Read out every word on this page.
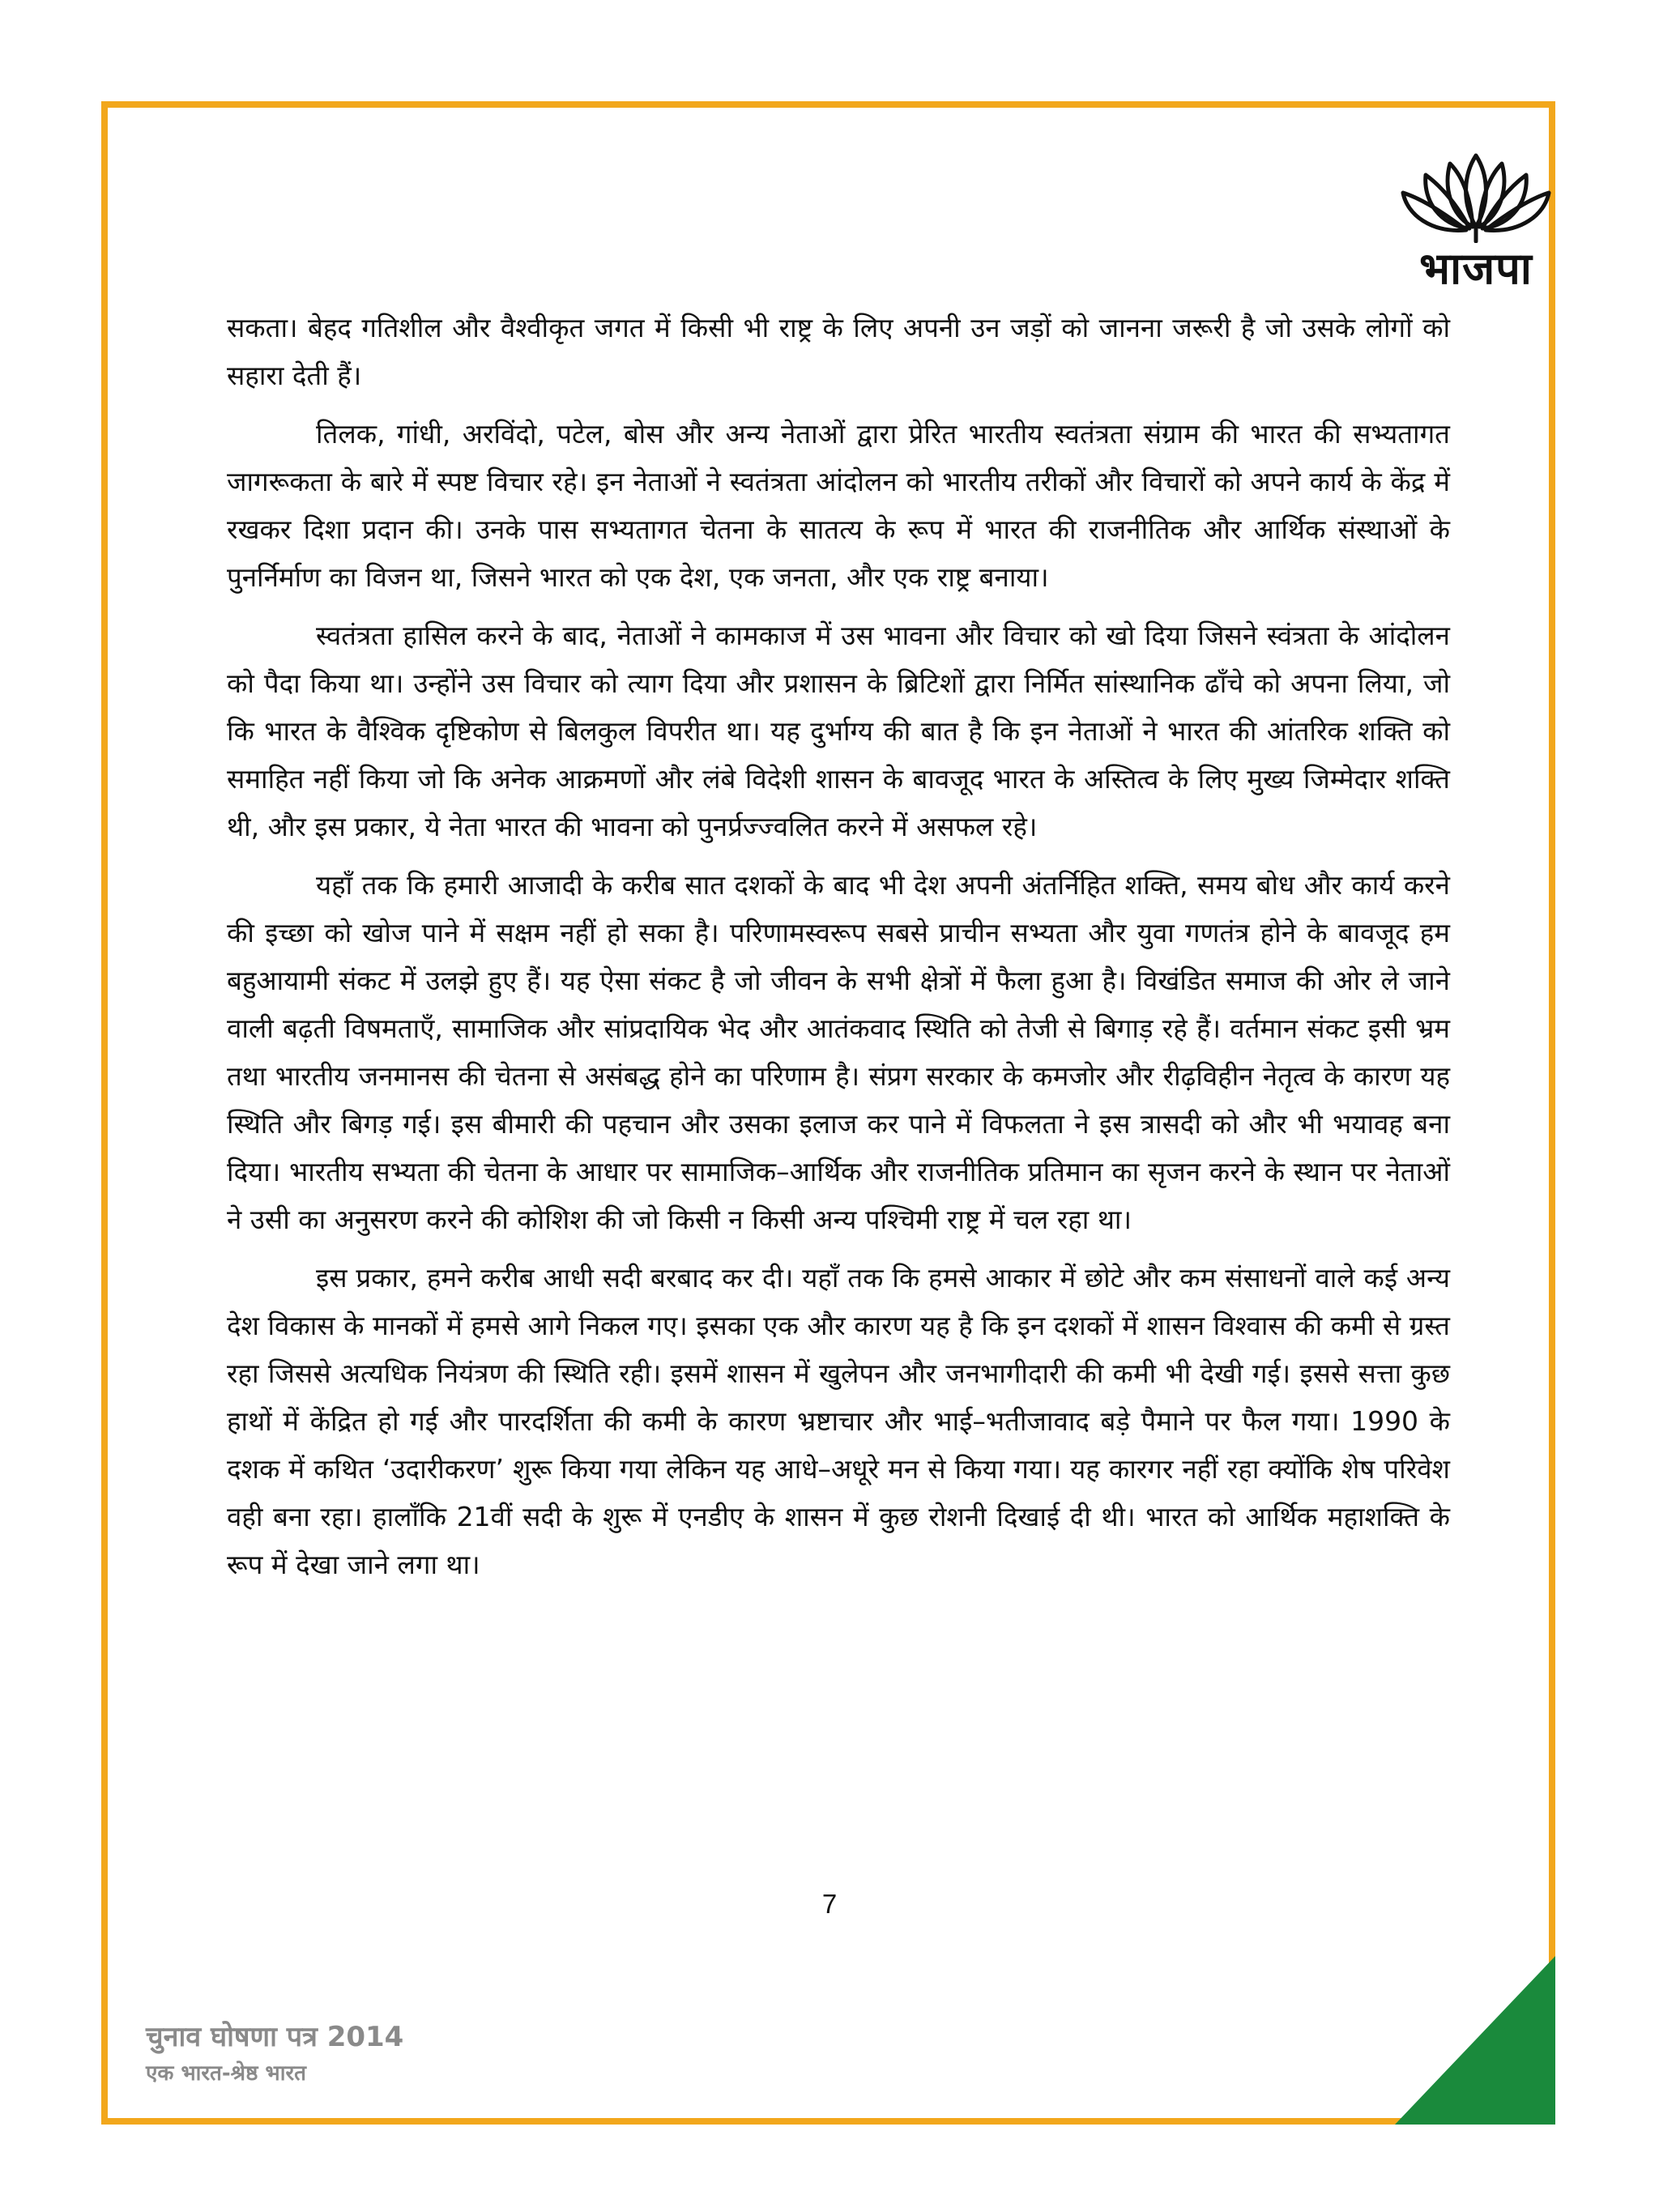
भाजपा

सकता। बेहद गतिशील और वैश्वीकृत जगत में किसी भी राष्ट्र के लिए अपनी उन जड़ों को जानना जरूरी है जो उसके लोगों को सहारा देती हैं।

तिलक, गांधी, अरविंदो, पटेल, बोस और अन्य नेताओं द्वारा प्रेरित भारतीय स्वतंत्रता संग्राम की भारत की सभ्यतागत जागरूकता के बारे में स्पष्ट विचार रहे। इन नेताओं ने स्वतंत्रता आंदोलन को भारतीय तरीकों और विचारों को अपने कार्य के केंद्र में रखकर दिशा प्रदान की। उनके पास सभ्यतागत चेतना के सातत्य के रूप में भारत की राजनीतिक और आर्थिक संस्थाओं के पुनर्निर्माण का विजन था, जिसने भारत को एक देश, एक जनता, और एक राष्ट्र बनाया।

स्वतंत्रता हासिल करने के बाद, नेताओं ने कामकाज में उस भावना और विचार को खो दिया जिसने स्वंत्रता के आंदोलन को पैदा किया था। उन्होंने उस विचार को त्याग दिया और प्रशासन के ब्रिटिशों द्वारा निर्मित सांस्थानिक ढाँचे को अपना लिया, जो कि भारत के वैश्विक दृष्टिकोण से बिलकुल विपरीत था। यह दुर्भाग्य की बात है कि इन नेताओं ने भारत की आंतरिक शक्ति को समाहित नहीं किया जो कि अनेक आक्रमणों और लंबे विदेशी शासन के बावजूद भारत के अस्तित्व के लिए मुख्य जिम्मेदार शक्ति थी, और इस प्रकार, ये नेता भारत की भावना को पुनर्प्रज्ज्वलित करने में असफल रहे।

यहाँ तक कि हमारी आजादी के करीब सात दशकों के बाद भी देश अपनी अंतर्निहित शक्ति, समय बोध और कार्य करने की इच्छा को खोज पाने में सक्षम नहीं हो सका है। परिणामस्वरूप सबसे प्राचीन सभ्यता और युवा गणतंत्र होने के बावजूद हम बहुआयामी संकट में उलझे हुए हैं। यह ऐसा संकट है जो जीवन के सभी क्षेत्रों में फैला हुआ है। विखंडित समाज की ओर ले जाने वाली बढ़ती विषमताएँ, सामाजिक और सांप्रदायिक भेद और आतंकवाद स्थिति को तेजी से बिगाड़ रहे हैं। वर्तमान संकट इसी भ्रम तथा भारतीय जनमानस की चेतना से असंबद्ध होने का परिणाम है। संप्रग सरकार के कमजोर और रीढ़विहीन नेतृत्व के कारण यह स्थिति और बिगड़ गई। इस बीमारी की पहचान और उसका इलाज कर पाने में विफलता ने इस त्रासदी को और भी भयावह बना दिया। भारतीय सभ्यता की चेतना के आधार पर सामाजिक–आर्थिक और राजनीतिक प्रतिमान का सृजन करने के स्थान पर नेताओं ने उसी का अनुसरण करने की कोशिश की जो किसी न किसी अन्य पश्चिमी राष्ट्र में चल रहा था।

इस प्रकार, हमने करीब आधी सदी बरबाद कर दी। यहाँ तक कि हमसे आकार में छोटे और कम संसाधनों वाले कई अन्य देश विकास के मानकों में हमसे आगे निकल गए। इसका एक और कारण यह है कि इन दशकों में शासन विश्वास की कमी से ग्रस्त रहा जिससे अत्यधिक नियंत्रण की स्थिति रही। इसमें शासन में खुलेपन और जनभागीदारी की कमी भी देखी गई। इससे सत्ता कुछ हाथों में केंद्रित हो गई और पारदर्शिता की कमी के कारण भ्रष्टाचार और भाई–भतीजावाद बड़े पैमाने पर फैल गया। 1990 के दशक में कथित ‘उदारीकरण’ शुरू किया गया लेकिन यह आधे–अधूरे मन से किया गया। यह कारगर नहीं रहा क्योंकि शेष परिवेश वही बना रहा। हालाँकि 21वीं सदी के शुरू में एनडीए के शासन में कुछ रोशनी दिखाई दी थी। भारत को आर्थिक महाशक्ति के रूप में देखा जाने लगा था।

7
चुनाव घोषणा पत्र 2014
एक भारत-श्रेष्ठ भारत
